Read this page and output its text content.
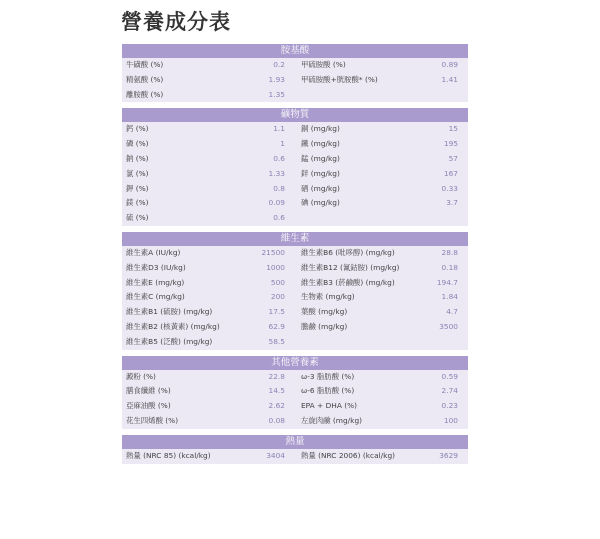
營養成分表
胺基酸
牛磺酸 (%)	0.2	甲硫胺酸 (%)	0.89
精氨酸 (%)	1.93	甲硫胺酸+胱胺酸* (%)	1.41
離胺酸 (%)	1.35
礦物質
鈣 (%)	1.1	銅 (mg/kg)	15
磷 (%)	1	鐵 (mg/kg)	195
鈉 (%)	0.6	錳 (mg/kg)	57
氯 (%)	1.33	鋅 (mg/kg)	167
鉀 (%)	0.8	硒 (mg/kg)	0.33
鎂 (%)	0.09	碘 (mg/kg)	3.7
硫 (%)	0.6
維生素
維生素A (IU/kg)	21500	維生素B6 (吡哆醇) (mg/kg)	28.8
維生素D3 (IU/kg)	1000	維生素B12 (氰鈷胺) (mg/kg)	0.18
維生素E (mg/kg)	500	維生素B3 (菸鹼酸) (mg/kg)	194.7
維生素C (mg/kg)	200	生物素 (mg/kg)	1.84
維生素B1 (硫胺) (mg/kg)	17.5	葉酸 (mg/kg)	4.7
維生素B2 (核黃素) (mg/kg)	62.9	膽鹼 (mg/kg)	3500
維生素B5 (泛酸) (mg/kg)	58.5
其他營養素
澱粉 (%)	22.8	ω-3 脂肪酸 (%)	0.59
膳食纖維 (%)	14.5	ω-6 脂肪酸 (%)	2.74
亞麻油酸 (%)	2.62	EPA + DHA (%)	0.23
花生四烯酸 (%)	0.08	左旋肉鹼 (mg/kg)	100
熱量
熱量 (NRC 85) (kcal/kg)	3404	熱量 (NRC 2006) (kcal/kg)	3629
